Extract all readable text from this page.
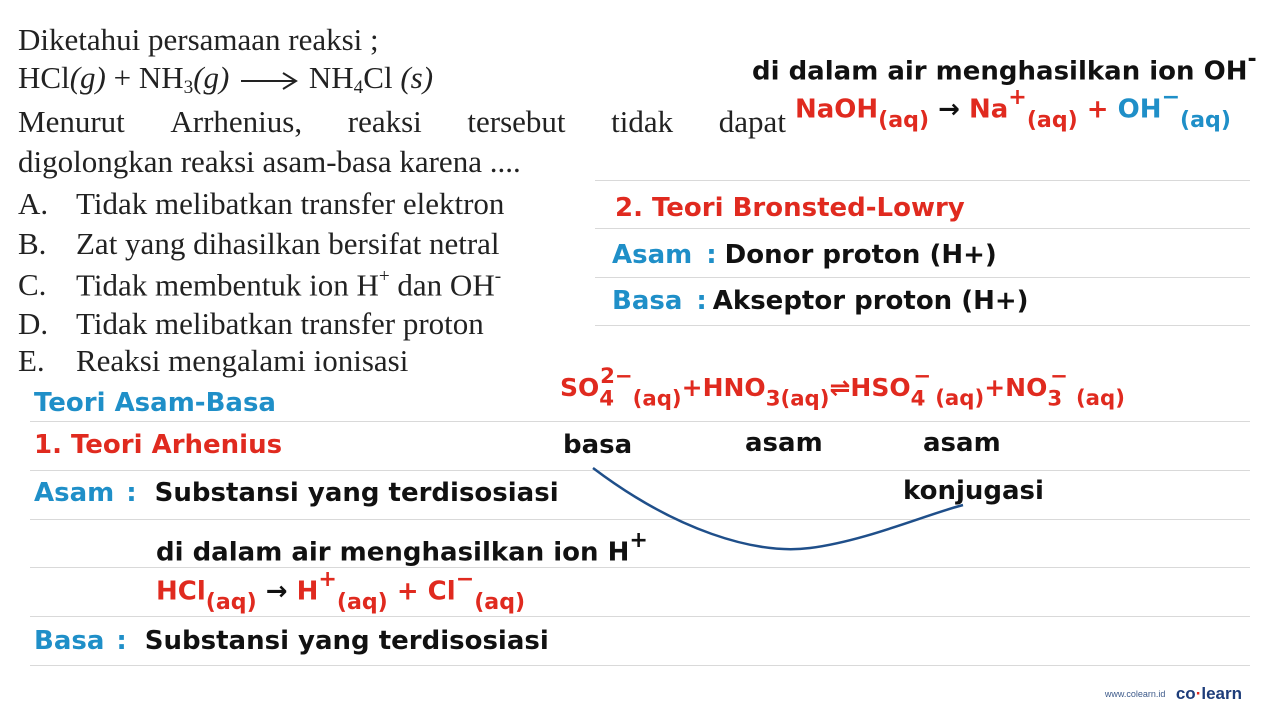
Diketahui persamaan reaksi ;
$HCl(g) + NH_3(g) \to NH_4Cl$ (s)
Menurut Arrhenius, reaksi tersebut tidak dapat
digolongkan reaksi asam-basa karena ....
A. Tidak melibatkan transfer elektron
B. Zat yang dihasilkan bersifat netral
C. Tidak membentuk ion H+ dan OH-
D. Tidak melibatkan transfer proton
E. Reaksi mengalami ionisasi
di dalam air menghasilkan ion OH-
NaOH$_{(aq)}$ → $Na^+_{(aq)} + OH^-_{(aq)}$
2. Teori Bronsted-Lowry
Asam : Donor proton (H+)
Basa : Akseptor proton (H+)
$SO_4^{2-}_{(aq)}+HNO_{3(aq)}\rightleftharpoons HSO_4^-_{(aq)}+NO_3^-_{(aq)}$
basa	asam	asam
konjugasi
Teori Asam-Basa
1. Teori Arhenius
Asam : Substansi yang terdisosiasi
di dalam air menghasilkan ion H+
$HCl_{(aq)} \to H^+_{(aq)} + Cl^-_{(aq)}$
Basa : Substansi yang terdisosiasi
www.colearn.id co·learn
